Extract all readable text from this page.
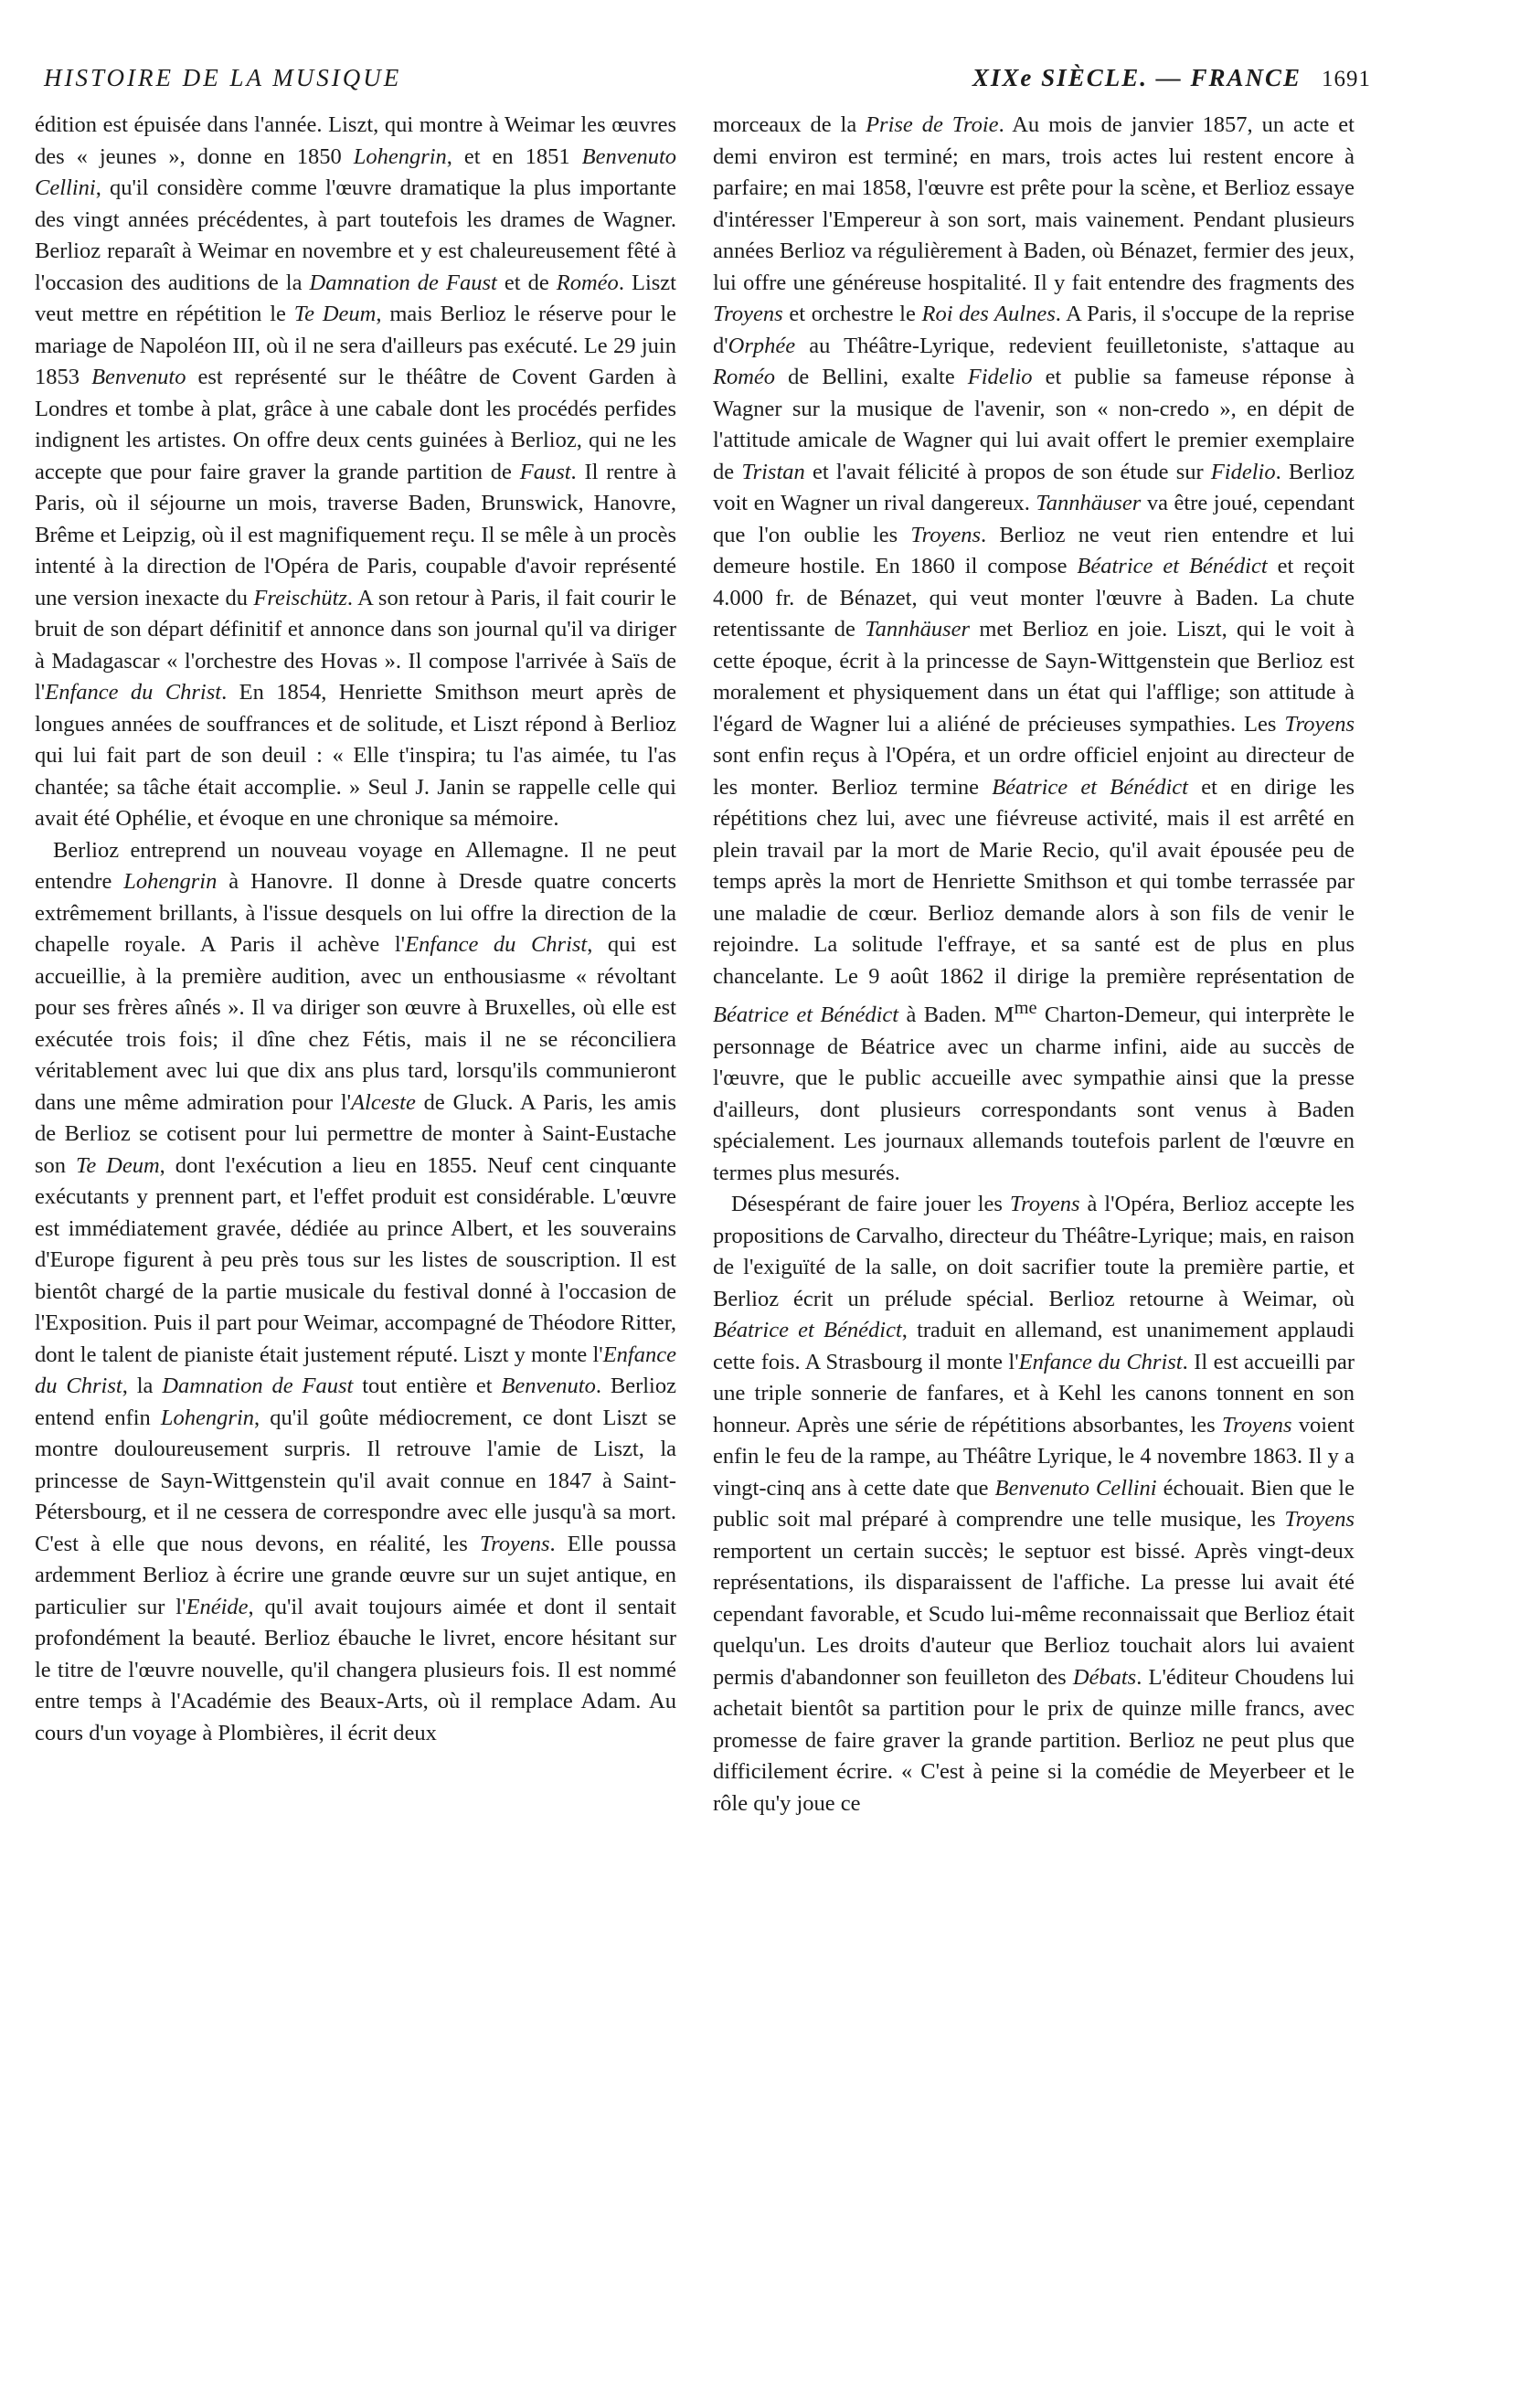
HISTOIRE DE LA MUSIQUE	XIXe SIÈCLE. — FRANCE 1691

édition est épuisée dans l'année. Liszt, qui montre à Weimar les œuvres des « jeunes », donne en 1850 Lohengrin, et en 1851 Benvenuto Cellini, qu'il considère comme l'œuvre dramatique la plus importante des vingt années précédentes, à part toutefois les drames de Wagner. Berlioz reparaît à Weimar en novembre et y est chaleureusement fêté à l'occasion des auditions de la Damnation de Faust et de Roméo. Liszt veut mettre en répétition le Te Deum, mais Berlioz le réserve pour le mariage de Napoléon III, où il ne sera d'ailleurs pas exécuté. Le 29 juin 1853 Benvenuto est représenté sur le théâtre de Covent Garden à Londres et tombe à plat, grâce à une cabale dont les procédés perfides indignent les artistes. On offre deux cents guinées à Berlioz, qui ne les accepte que pour faire graver la grande partition de Faust. Il rentre à Paris, où il séjourne un mois, traverse Baden, Brunswick, Hanovre, Brême et Leipzig, où il est magnifiquement reçu. Il se mêle à un procès intenté à la direction de l'Opéra de Paris, coupable d'avoir représenté une version inexacte du Freischütz. A son retour à Paris, il fait courir le bruit de son départ définitif et annonce dans son journal qu'il va diriger à Madagascar « l'orchestre des Hovas ». Il compose l'arrivée à Saïs de l'Enfance du Christ. En 1854, Henriette Smithson meurt après de longues années de souffrances et de solitude, et Liszt répond à Berlioz qui lui fait part de son deuil : « Elle t'inspira; tu l'as aimée, tu l'as chantée; sa tâche était accomplie. » Seul J. Janin se rappelle celle qui avait été Ophélie, et évoque en une chronique sa mémoire.

Berlioz entreprend un nouveau voyage en Allemagne. Il ne peut entendre Lohengrin à Hanovre. Il donne à Dresde quatre concerts extrêmement brillants, à l'issue desquels on lui offre la direction de la chapelle royale. A Paris il achève l'Enfance du Christ, qui est accueillie, à la première audition, avec un enthousiasme « révoltant pour ses frères aînés ». Il va diriger son œuvre à Bruxelles, où elle est exécutée trois fois; il dîne chez Fétis, mais il ne se réconciliera véritablement avec lui que dix ans plus tard, lorsqu'ils communieront dans une même admiration pour l'Alceste de Gluck. A Paris, les amis de Berlioz se cotisent pour lui permettre de monter à Saint-Eustache son Te Deum, dont l'exécution a lieu en 1855. Neuf cent cinquante exécutants y prennent part, et l'effet produit est considérable. L'œuvre est immédiatement gravée, dédiée au prince Albert, et les souverains d'Europe figurent à peu près tous sur les listes de souscription. Il est bientôt chargé de la partie musicale du festival donné à l'occasion de l'Exposition. Puis il part pour Weimar, accompagné de Théodore Ritter, dont le talent de pianiste était justement réputé. Liszt y monte l'Enfance du Christ, la Damnation de Faust tout entière et Benvenuto. Berlioz entend enfin Lohengrin, qu'il goûte médiocrement, ce dont Liszt se montre douloureusement surpris. Il retrouve l'amie de Liszt, la princesse de Sayn-Wittgenstein qu'il avait connue en 1847 à Saint-Pétersbourg, et il ne cessera de correspondre avec elle jusqu'à sa mort. C'est à elle que nous devons, en réalité, les Troyens. Elle poussa ardemment Berlioz à écrire une grande œuvre sur un sujet antique, en particulier sur l'Enéide, qu'il avait toujours aimée et dont il sentait profondément la beauté. Berlioz ébauche le livret, encore hésitant sur le titre de l'œuvre nouvelle, qu'il changera plusieurs fois. Il est nommé entre temps à l'Académie des Beaux-Arts, où il remplace Adam. Au cours d'un voyage à Plombières, il écrit deux

morceaux de la Prise de Troie. Au mois de janvier 1857, un acte et demi environ est terminé; en mars, trois actes lui restent encore à parfaire; en mai 1858, l'œuvre est prête pour la scène, et Berlioz essaye d'intéresser l'Empereur à son sort, mais vainement. Pendant plusieurs années Berlioz va régulièrement à Baden, où Bénazet, fermier des jeux, lui offre une généreuse hospitalité. Il y fait entendre des fragments des Troyens et orchestre le Roi des Aulnes. A Paris, il s'occupe de la reprise d'Orphée au Théâtre-Lyrique, redevient feuilletoniste, s'attaque au Roméo de Bellini, exalte Fidelio et publie sa fameuse réponse à Wagner sur la musique de l'avenir, son « non-credo », en dépit de l'attitude amicale de Wagner qui lui avait offert le premier exemplaire de Tristan et l'avait félicité à propos de son étude sur Fidelio. Berlioz voit en Wagner un rival dangereux. Tannhäuser va être joué, cependant que l'on oublie les Troyens. Berlioz ne veut rien entendre et lui demeure hostile. En 1860 il compose Béatrice et Bénédict et reçoit 4.000 fr. de Bénazet, qui veut monter l'œuvre à Baden. La chute retentissante de Tannhäuser met Berlioz en joie. Liszt, qui le voit à cette époque, écrit à la princesse de Sayn-Wittgenstein que Berlioz est moralement et physiquement dans un état qui l'afflige; son attitude à l'égard de Wagner lui a aliéné de précieuses sympathies. Les Troyens sont enfin reçus à l'Opéra, et un ordre officiel enjoint au directeur de les monter. Berlioz termine Béatrice et Bénédict et en dirige les répétitions chez lui, avec une fiévreuse activité, mais il est arrêté en plein travail par la mort de Marie Recio, qu'il avait épousée peu de temps après la mort de Henriette Smithson et qui tombe terrassée par une maladie de cœur. Berlioz demande alors à son fils de venir le rejoindre. La solitude l'effraye, et sa santé est de plus en plus chancelante. Le 9 août 1862 il dirige la première représentation de Béatrice et Bénédict à Baden. $M^{me}$ Charton-Demeur, qui interprète le personnage de Béatrice avec un charme infini, aide au succès de l'œuvre, que le public accueille avec sympathie ainsi que la presse d'ailleurs, dont plusieurs correspondants sont venus à Baden spécialement. Les journaux allemands toutefois parlent de l'œuvre en termes plus mesurés.

Désespérant de faire jouer les Troyens à l'Opéra, Berlioz accepte les propositions de Carvalho, directeur du Théâtre-Lyrique; mais, en raison de l'exiguïté de la salle, on doit sacrifier toute la première partie, et Berlioz écrit un prélude spécial. Berlioz retourne à Weimar, où Béatrice et Bénédict, traduit en allemand, est unanimement applaudi cette fois. A Strasbourg il monte l'Enfance du Christ. Il est accueilli par une triple sonnerie de fanfares, et à Kehl les canons tonnent en son honneur. Après une série de répétitions absorbantes, les Troyens voient enfin le feu de la rampe, au Théâtre Lyrique, le 4 novembre 1863. Il y a vingt-cinq ans à cette date que Benvenuto Cellini échouait. Bien que le public soit mal préparé à comprendre une telle musique, les Troyens remportent un certain succès; le septuor est bissé. Après vingt-deux représentations, ils disparaissent de l'affiche. La presse lui avait été cependant favorable, et Scudo lui-même reconnaissait que Berlioz était quelqu'un. Les droits d'auteur que Berlioz touchait alors lui avaient permis d'abandonner son feuilleton des Débats. L'éditeur Choudens lui achetait bientôt sa partition pour le prix de quinze mille francs, avec promesse de faire graver la grande partition. Berlioz ne peut plus que difficilement écrire. « C'est à peine si la comédie de Meyerbeer et le rôle qu'y joue ce
